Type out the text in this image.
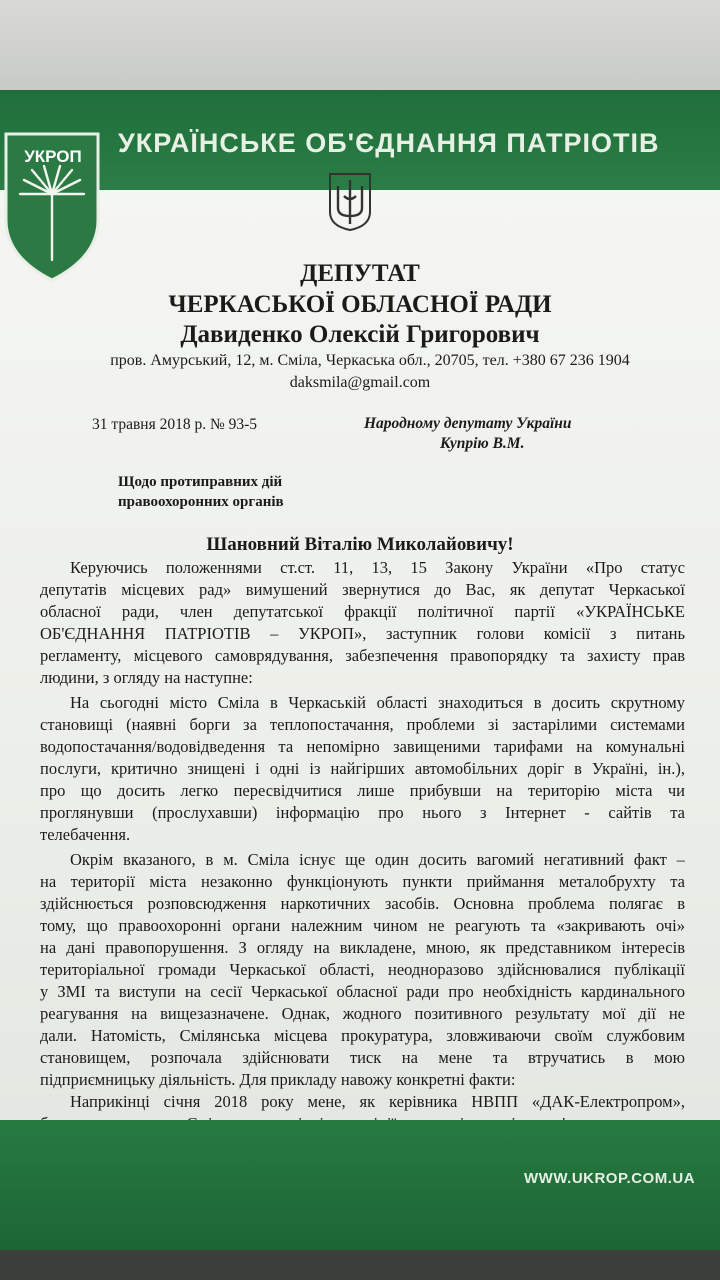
УКРАЇНСЬКЕ ОБ'ЄДНАННЯ ПАТРІОТІВ
УКРОП
ДЕПУТАТ
ЧЕРКАСЬКОЇ ОБЛАСНОЇ РАДИ
Давиденко Олексій Григорович
пров. Амурський, 12, м. Сміла, Черкаська обл., 20705, тел. +380 67 236 1904
daksmila@gmail.com
31 травня 2018 р. № 93-5	Народному депутату України
Купрію В.М.
Щодо протиправних дій
правоохоронних органів
Шановний Віталію Миколайовичу!
Керуючись положеннями ст.ст. 11, 13, 15 Закону України «Про статус
депутатів місцевих рад» вимушений звернутися до Вас, як депутат Черкаської
обласної ради, член депутатської фракції політичної партії «УКРАЇНСЬКЕ
ОБ'ЄДНАННЯ ПАТРІОТІВ – УКРОП», заступник голови комісії з питань
регламенту, місцевого самоврядування, забезпечення правопорядку та захисту прав
людини, з огляду на наступне:
На сьогодні місто Сміла в Черкаській області знаходиться в досить скрутному
становищі (наявні борги за теплопостачання, проблеми зі застарілими системами
водопостачання/водовідведення та непомірно завищеними тарифами на комунальні
послуги, критично знищені і одні із найгірших автомобільних доріг в Україні, ін.),
про що досить легко пересвідчитися лише прибувши на територію міста чи
проглянувши (прослухавши) інформацію про нього з Інтернет - сайтів та
телебачення.
Окрім вказаного, в м. Сміла існує ще один досить вагомий негативний факт –
на території міста незаконно функціонують пункти приймання металобрухту та
здійснюється розповсюдження наркотичних засобів. Основна проблема полягає в
тому, що правоохоронні органи належним чином не реагують та «закривають очі»
на дані правопорушення. З огляду на викладене, мною, як представником інтересів
територіальної громади Черкаської області, неодноразово здійснювалися публікації
у ЗМІ та виступи на сесії Черкаської обласної ради про необхідність кардинального
реагування на вищезазначене. Однак, жодного позитивного результату мої дії не
дали. Натомість, Смілянська місцева прокуратура, зловживаючи своїм службовим
становищем, розпочала здійснювати тиск на мене та втручатись в мою
підприємницьку діяльність. Для прикладу навожу конкретні факти:
Наприкінці січня 2018 року мене, як керівника НВПП «ДАК-Електропром»,
WWW.UKROP.COM.UA
